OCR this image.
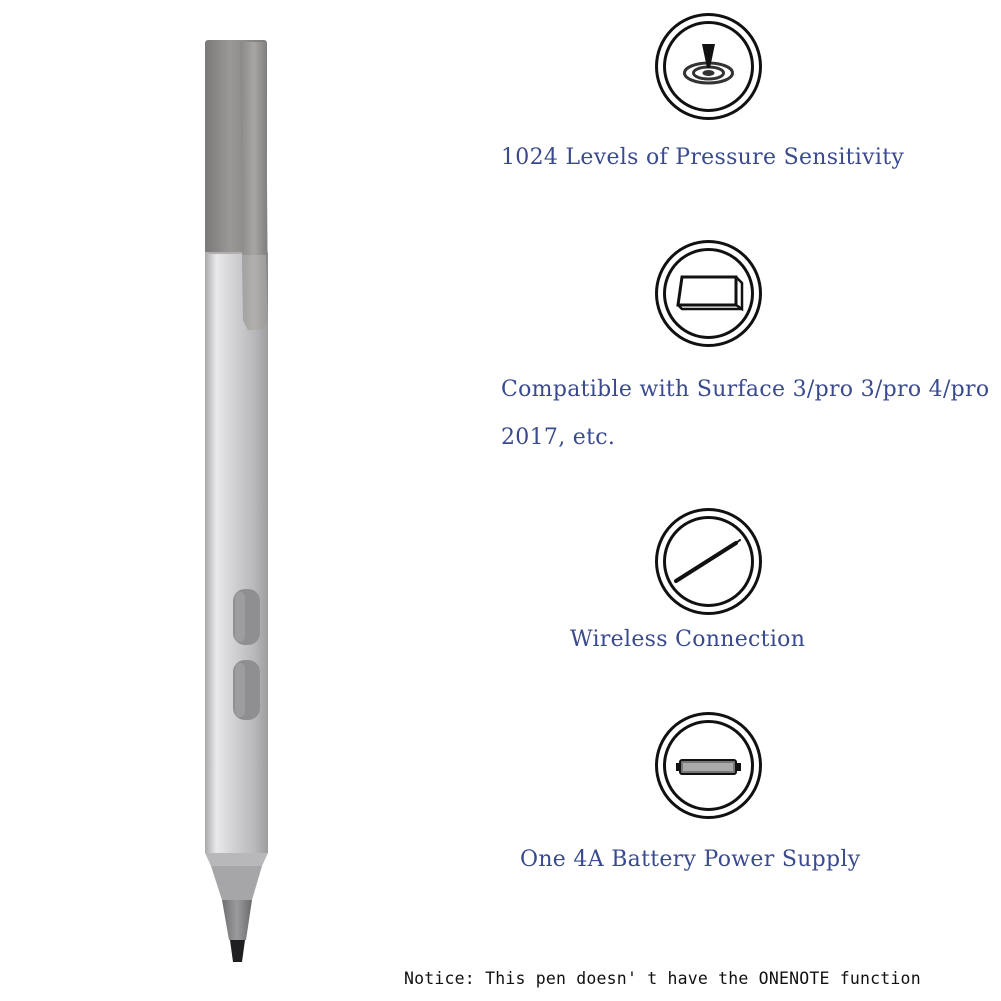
1024 Levels of Pressure Sensitivity
Compatible with Surface 3/pro 3/pro 4/pro 2017, etc.
Wireless Connection
One 4A Battery Power Supply
Notice: This pen doesn' t have the ONENOTE function
